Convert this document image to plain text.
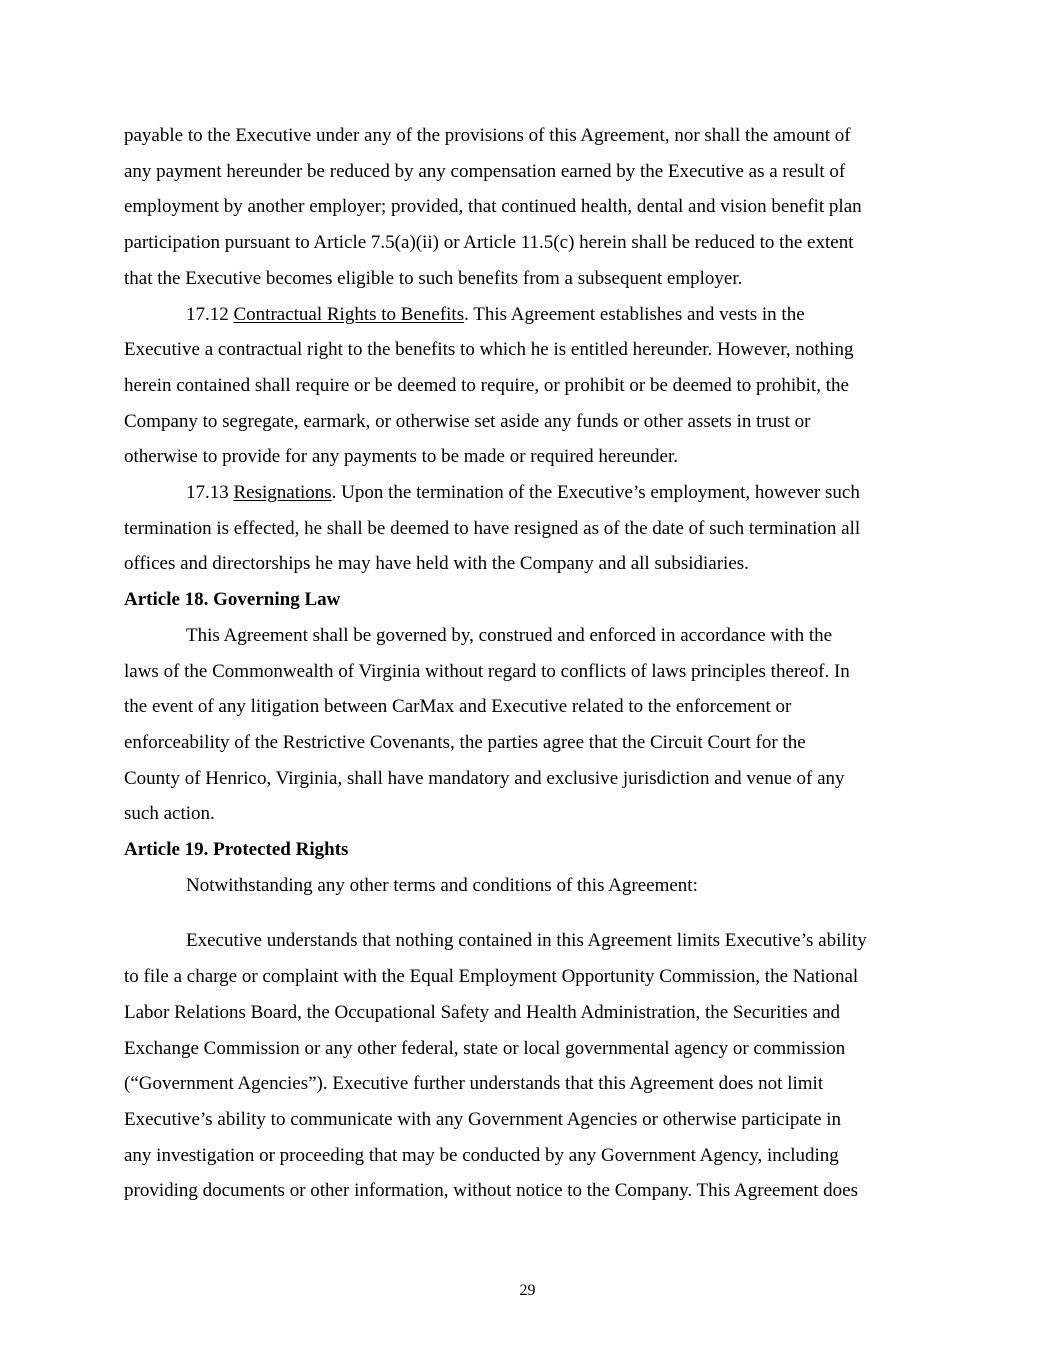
payable to the Executive under any of the provisions of this Agreement, nor shall the amount of
any payment hereunder be reduced by any compensation earned by the Executive as a result of
employment by another employer; provided, that continued health, dental and vision benefit plan
participation pursuant to Article 7.5(a)(ii) or Article 11.5(c) herein shall be reduced to the extent
that the Executive becomes eligible to such benefits from a subsequent employer.
17.12 Contractual Rights to Benefits. This Agreement establishes and vests in the
Executive a contractual right to the benefits to which he is entitled hereunder. However, nothing
herein contained shall require or be deemed to require, or prohibit or be deemed to prohibit, the
Company to segregate, earmark, or otherwise set aside any funds or other assets in trust or
otherwise to provide for any payments to be made or required hereunder.
17.13 Resignations. Upon the termination of the Executive’s employment, however such
termination is effected, he shall be deemed to have resigned as of the date of such termination all
offices and directorships he may have held with the Company and all subsidiaries.
Article 18. Governing Law
This Agreement shall be governed by, construed and enforced in accordance with the
laws of the Commonwealth of Virginia without regard to conflicts of laws principles thereof. In
the event of any litigation between CarMax and Executive related to the enforcement or
enforceability of the Restrictive Covenants, the parties agree that the Circuit Court for the
County of Henrico, Virginia, shall have mandatory and exclusive jurisdiction and venue of any
such action.
Article 19. Protected Rights
Notwithstanding any other terms and conditions of this Agreement:
Executive understands that nothing contained in this Agreement limits Executive’s ability
to file a charge or complaint with the Equal Employment Opportunity Commission, the National
Labor Relations Board, the Occupational Safety and Health Administration, the Securities and
Exchange Commission or any other federal, state or local governmental agency or commission
(“Government Agencies”). Executive further understands that this Agreement does not limit
Executive’s ability to communicate with any Government Agencies or otherwise participate in
any investigation or proceeding that may be conducted by any Government Agency, including
providing documents or other information, without notice to the Company. This Agreement does
29
